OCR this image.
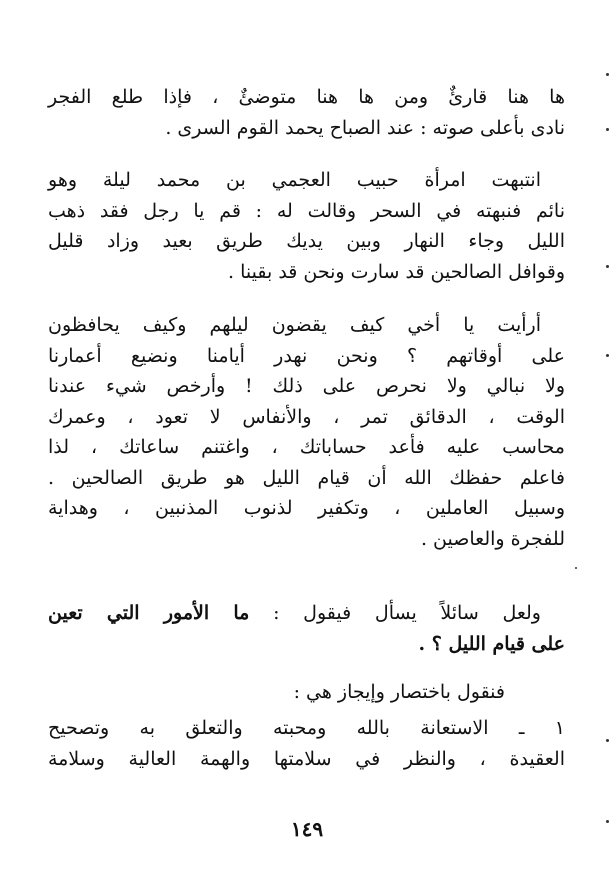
ها هنا قارئٌ ومن ها هنا متوضئٌ ، فإذا طلع الفجر
نادى بأعلى صوته : عند الصباح يحمد القوم السرى .
انتبهت امرأة حبيب العجمي بن محمد ليلة وهو
نائم فنبهته في السحر وقالت له : قم يا رجل فقد ذهب
الليل وجاء النهار وبين يديك طريق بعيد وزاد قليل
وقوافل الصالحين قد سارت ونحن قد بقينا .
أرأيت يا أخي كيف يقضون ليلهم وكيف يحافظون
على أوقاتهم ؟ ونحن نهدر أيامنا ونضيع أعمارنا
ولا نبالي ولا نحرص على ذلك ! وأرخص شيء عندنا
الوقت ، الدقائق تمر ، والأنفاس لا تعود ، وعمرك
محاسب عليه فأعد حساباتك ، واغتنم ساعاتك ، لذا
فاعلم حفظك الله أن قيام الليل هو طريق الصالحين .
وسبيل العاملين ، وتكفير لذنوب المذنبين ، وهداية
للفجرة والعاصين .
ولعل سائلاً يسأل فيقول : ما الأمور التي تعين
على قيام الليل ؟ .
فنقول باختصار وإيجاز هي :
١ ـ الاستعانة بالله ومحبته والتعلق به وتصحيح
العقيدة ، والنظر في سلامتها والهمة العالية وسلامة
١٤٩
